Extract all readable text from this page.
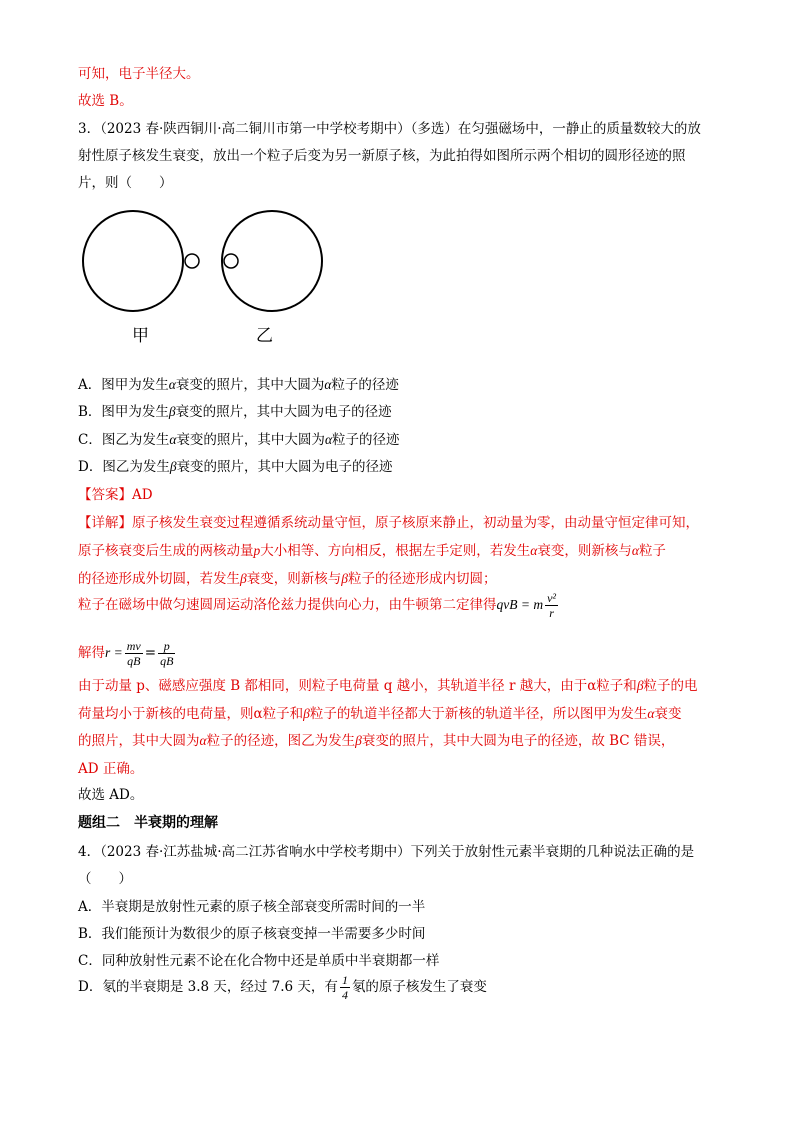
可知，电子半径大。
故选 B。
3．（2023 春·陕西铜川·高二铜川市第一中学校考期中）（多选）在匀强磁场中，一静止的质量数较大的放
射性原子核发生衰变，放出一个粒子后变为另一新原子核，为此拍得如图所示两个相切的圆形径迹的照
片，则（　　）
甲	乙
A．图甲为发生α衰变的照片，其中大圆为α粒子的径迹
B．图甲为发生β衰变的照片，其中大圆为电子的径迹
C．图乙为发生α衰变的照片，其中大圆为α粒子的径迹
D．图乙为发生β衰变的照片，其中大圆为电子的径迹
【答案】AD
【详解】原子核发生衰变过程遵循系统动量守恒，原子核原来静止，初动量为零，由动量守恒定律可知，
原子核衰变后生成的两核动量p大小相等、方向相反，根据左手定则，若发生α衰变，则新核与α粒子
的径迹形成外切圆，若发生β衰变，则新核与β粒子的径迹形成内切圆；
粒子在磁场中做匀速圆周运动洛伦兹力提供向心力，由牛顿第二定律得qvB = m $\frac{\text{v²}}{r}$
解得$r = \frac{mv}{qB} = \frac{p}{qB}$
由于动量 p、磁感应强度 B 都相同，则粒子电荷量 q 越小，其轨道半径 r 越大，由于α粒子和β粒子的电
荷量均小于新核的电荷量，则α粒子和β粒子的轨道半径都大于新核的轨道半径，所以图甲为发生α衰变
的照片，其中大圆为α粒子的径迹，图乙为发生β衰变的照片，其中大圆为电子的径迹，故 BC 错误，
AD 正确。
故选 AD。
题组二　半衰期的理解
4．（2023 春·江苏盐城·高二江苏省响水中学校考期中）下列关于放射性元素半衰期的几种说法正确的是
（　　）
A．半衰期是放射性元素的原子核全部衰变所需时间的一半
B．我们能预计为数很少的原子核衰变掉一半需要多少时间
C．同种放射性元素不论在化合物中还是单质中半衰期都一样
D．氡的半衰期是 3.8 天，经过 7.6 天，有 $\frac{1}{4}$ 氡的原子核发生了衰变
